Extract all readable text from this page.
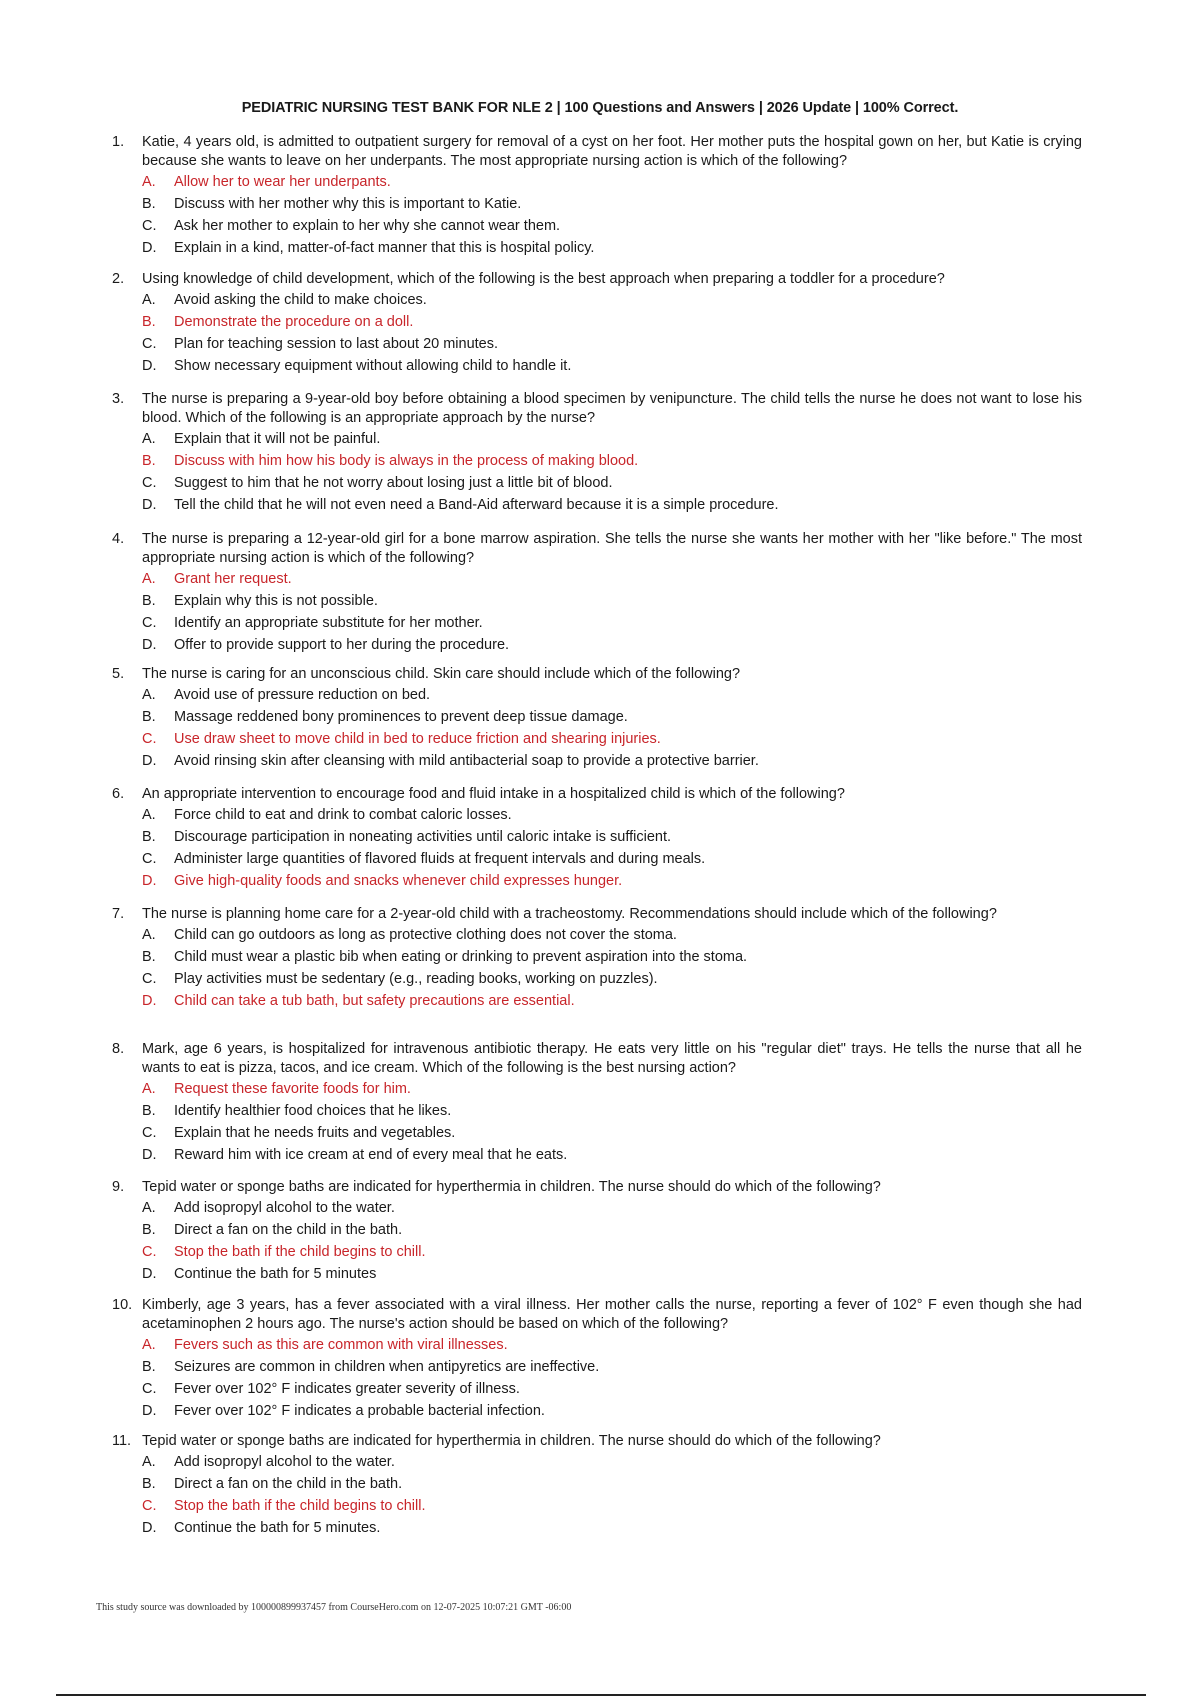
PEDIATRIC NURSING TEST BANK FOR NLE 2 | 100 Questions and Answers | 2026 Update | 100% Correct.
1.	Katie, 4 years old, is admitted to outpatient surgery for removal of a cyst on her foot. Her mother puts the hospital gown on her, but Katie is crying because she wants to leave on her underpants. The most appropriate nursing action is which of the following?
A.	Allow her to wear her underpants.
B.	Discuss with her mother why this is important to Katie.
C.	Ask her mother to explain to her why she cannot wear them.
D.	Explain in a kind, matter-of-fact manner that this is hospital policy.
2.	Using knowledge of child development, which of the following is the best approach when preparing a toddler for a procedure?
A.	Avoid asking the child to make choices.
B.	Demonstrate the procedure on a doll.
C.	Plan for teaching session to last about 20 minutes.
D.	Show necessary equipment without allowing child to handle it.
3.	The nurse is preparing a 9-year-old boy before obtaining a blood specimen by venipuncture. The child tells the nurse he does not want to lose his blood. Which of the following is an appropriate approach by the nurse?
A.	Explain that it will not be painful.
B.	Discuss with him how his body is always in the process of making blood.
C.	Suggest to him that he not worry about losing just a little bit of blood.
D.	Tell the child that he will not even need a Band-Aid afterward because it is a simple procedure.
4.	The nurse is preparing a 12-year-old girl for a bone marrow aspiration. She tells the nurse she wants her mother with her "like before." The most appropriate nursing action is which of the following?
A.	Grant her request.
B.	Explain why this is not possible.
C.	Identify an appropriate substitute for her mother.
D.	Offer to provide support to her during the procedure.
5.	The nurse is caring for an unconscious child. Skin care should include which of the following?
A.	Avoid use of pressure reduction on bed.
B.	Massage reddened bony prominences to prevent deep tissue damage.
C.	Use draw sheet to move child in bed to reduce friction and shearing injuries.
D.	Avoid rinsing skin after cleansing with mild antibacterial soap to provide a protective barrier.
6.	An appropriate intervention to encourage food and fluid intake in a hospitalized child is which of the following?
A.	Force child to eat and drink to combat caloric losses.
B.	Discourage participation in noneating activities until caloric intake is sufficient.
C.	Administer large quantities of flavored fluids at frequent intervals and during meals.
D.	Give high-quality foods and snacks whenever child expresses hunger.
7.	The nurse is planning home care for a 2-year-old child with a tracheostomy. Recommendations should include which of the following?
A.	Child can go outdoors as long as protective clothing does not cover the stoma.
B.	Child must wear a plastic bib when eating or drinking to prevent aspiration into the stoma.
C.	Play activities must be sedentary (e.g., reading books, working on puzzles).
D.	Child can take a tub bath, but safety precautions are essential.
8.	Mark, age 6 years, is hospitalized for intravenous antibiotic therapy. He eats very little on his "regular diet" trays. He tells the nurse that all he wants to eat is pizza, tacos, and ice cream. Which of the following is the best nursing action?
A.	Request these favorite foods for him.
B.	Identify healthier food choices that he likes.
C.	Explain that he needs fruits and vegetables.
D.	Reward him with ice cream at end of every meal that he eats.
9.	Tepid water or sponge baths are indicated for hyperthermia in children. The nurse should do which of the following?
A.	Add isopropyl alcohol to the water.
B.	Direct a fan on the child in the bath.
C.	Stop the bath if the child begins to chill.
D.	Continue the bath for 5 minutes
10. Kimberly, age 3 years, has a fever associated with a viral illness. Her mother calls the nurse, reporting a fever of 102° F even though she had acetaminophen 2 hours ago. The nurse's action should be based on which of the following?
A.	Fevers such as this are common with viral illnesses.
B.	Seizures are common in children when antipyretics are ineffective.
C.	Fever over 102° F indicates greater severity of illness.
D.	Fever over 102° F indicates a probable bacterial infection.
11. Tepid water or sponge baths are indicated for hyperthermia in children. The nurse should do which of the following?
A.	Add isopropyl alcohol to the water.
B.	Direct a fan on the child in the bath.
C.	Stop the bath if the child begins to chill.
D.	Continue the bath for 5 minutes.
This study source was downloaded by 100000899937457 from CourseHero.com on 12-07-2025 10:07:21 GMT -06:00
